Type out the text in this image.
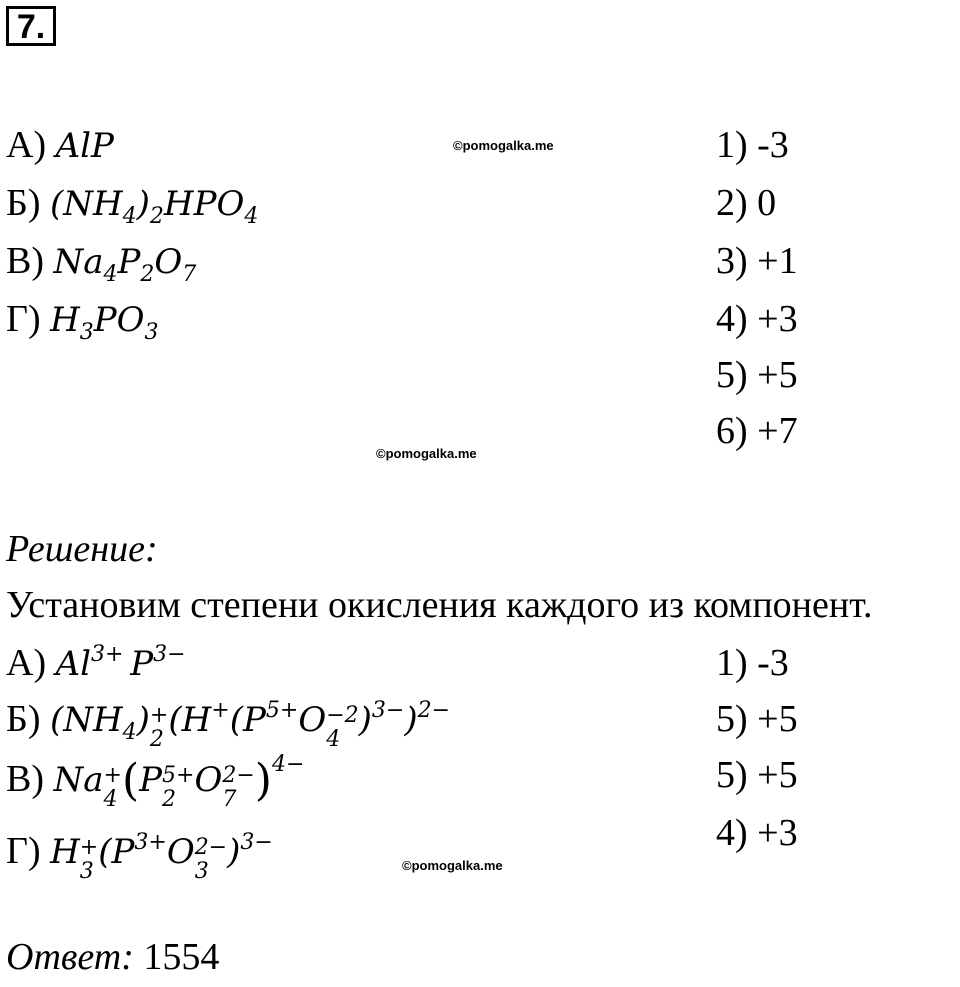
7.
А) AlP
Б) $(NH_4)_2HPO_4$
В) $Na_4P_2O_7$
Г) $H_3PO_3$
1) -3
2) 0
3) +1
4) +3
5) +5
6) +7
©pomogalka.me
©pomogalka.me
©pomogalka.me
Решение:
Установим степени окисления каждого из компонент.
А) $Al^{3+}$  $P^{3-}$
Б) $(NH_4)$ +
2 ($H^+(P^{5+}O -2$
4 )$^{3-}$)$^{2-}$
В) Na +
4 (P 5+
2 O 2−
7 )$^{4-}$
Г) H +
3 ($P^{3+}O$ 2−
3 )$^{3-}$
1) -3
5) +5
5) +5
4) +3
Ответ: 1554
